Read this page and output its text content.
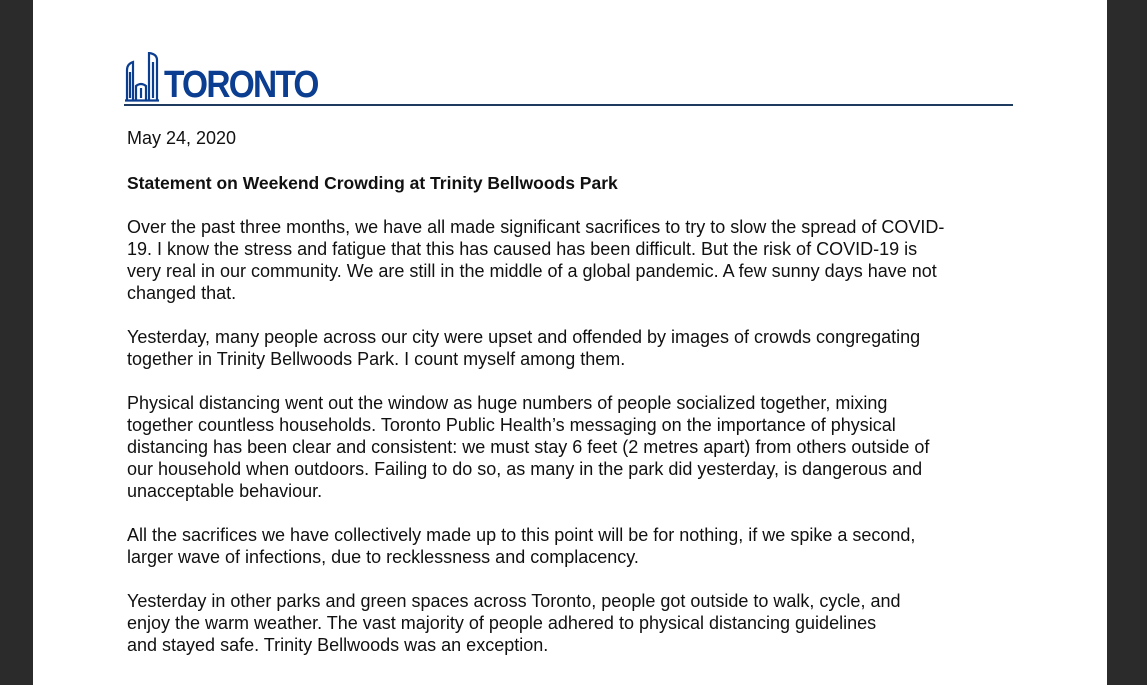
TORONTO
May 24, 2020
Statement on Weekend Crowding at Trinity Bellwoods Park
Over the past three months, we have all made significant sacrifices to try to slow the spread of COVID-
19. I know the stress and fatigue that this has caused has been difficult. But the risk of COVID-19 is
very real in our community. We are still in the middle of a global pandemic. A few sunny days have not
changed that.
Yesterday, many people across our city were upset and offended by images of crowds congregating
together in Trinity Bellwoods Park. I count myself among them.
Physical distancing went out the window as huge numbers of people socialized together, mixing
together countless households. Toronto Public Health’s messaging on the importance of physical
distancing has been clear and consistent: we must stay 6 feet (2 metres apart) from others outside of
our household when outdoors. Failing to do so, as many in the park did yesterday, is dangerous and
unacceptable behaviour.
All the sacrifices we have collectively made up to this point will be for nothing, if we spike a second,
larger wave of infections, due to recklessness and complacency.
Yesterday in other parks and green spaces across Toronto, people got outside to walk, cycle, and
enjoy the warm weather. The vast majority of people adhered to physical distancing guidelines
and stayed safe. Trinity Bellwoods was an exception.
